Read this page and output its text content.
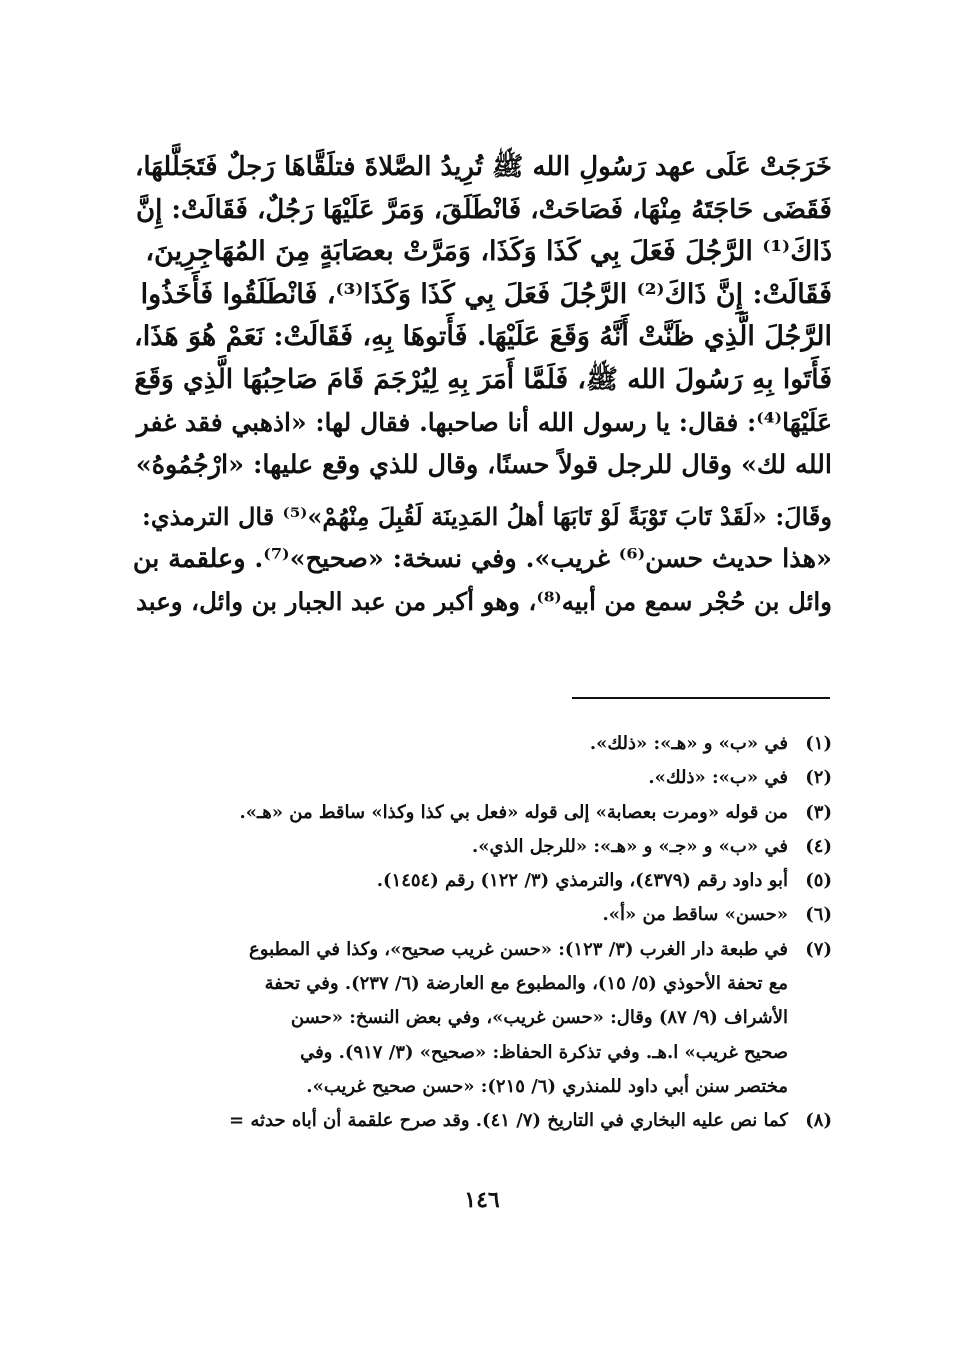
خَرَجَتْ عَلَى عهد رَسُولِ الله ﷺ تُرِيدُ الصَّلاةَ فتلَقَّاهَا رَجلٌ فَتَجَلَّلهَا،
فَقَضَى حَاجَتَهُ مِنْهَا، فَصَاحَتْ، فَانْطَلَقَ، وَمَرَّ عَلَيْهَا رَجُلٌ، فَقَالَتْ: إِنَّ
ذَاكَ⁽¹⁾ الرَّجُلَ فَعَلَ بِي كَذَا وَكَذَا، وَمَرَّتْ بعصَابَةٍ مِنَ المُهَاجِرِينَ،
فَقَالَتْ: إِنَّ ذَاكَ⁽²⁾ الرَّجُلَ فَعَلَ بِي كَذَا وَكَذَا⁽³⁾، فَانْطَلَقُوا فَأَخَذُوا
الرَّجُلَ الَّذِي ظَنَّتْ أَنَّهُ وَقَعَ عَلَيْهَا. فَأَتوهَا بِهِ، فَقَالَتْ: نَعَمْ هُوَ هَذَا،
فَأَتَوا بِهِ رَسُولَ الله ﷺ، فَلَمَّا أَمَرَ بِهِ لِيُرْجَمَ قَامَ صَاحِبُهَا الَّذِي وَقَعَ
عَلَيْهَا⁽⁴⁾: فقال: يا رسول الله أنا صاحبها. فقال لها: «اذهبي فقد غفر
الله لك» وقال للرجل قولاً حسنًا، وقال للذي وقع عليها: «ارْجُمُوهُ»
وقَالَ: «لَقَدْ تَابَ تَوْبَةً لَوْ تَابَهَا أهلُ المَدِينَة لَقُبِلَ مِنْهُمْ»⁽⁵⁾ قال الترمذي:
«هذا حديث حسن⁽⁶⁾ غريب». وفي نسخة: «صحيح»⁽⁷⁾. وعلقمة بن
وائل بن حُجْر سمع من أبيه⁽⁸⁾، وهو أكبر من عبد الجبار بن وائل، وعبد
(١)
في «ب» و «هـ»: «ذلك».
(٢)
في «ب»: «ذلك».
(٣)
من قوله «ومرت بعصابة» إلى قوله «فعل بي كذا وكذا» ساقط من «هـ».
(٤)
في «ب» و «جـ» و «هـ»: «للرجل الذي».
(٥)
أبو داود رقم (٤٣٧٩)، والترمذي (٣/ ١٢٢) رقم (١٤٥٤).
(٦)
«حسن» ساقط من «أ».
(٧)
في طبعة دار الغرب (٣/ ١٢٣): «حسن غريب صحيح»، وكذا في المطبوع
مع تحفة الأحوذي (٥/ ١٥)، والمطبوع مع العارضة (٦/ ٢٣٧). وفي تحفة
الأشراف (٩/ ٨٧) وقال: «حسن غريب»، وفي بعض النسخ: «حسن
صحيح غريب» ا.هـ. وفي تذكرة الحفاظ: «صحيح» (٣/ ٩١٧). وفي
مختصر سنن أبي داود للمنذري (٦/ ٢١٥): «حسن صحيح غريب».
(٨)
كما نص عليه البخاري في التاريخ (٧/ ٤١). وقد صرح علقمة أن أباه حدثه =
١٤٦
